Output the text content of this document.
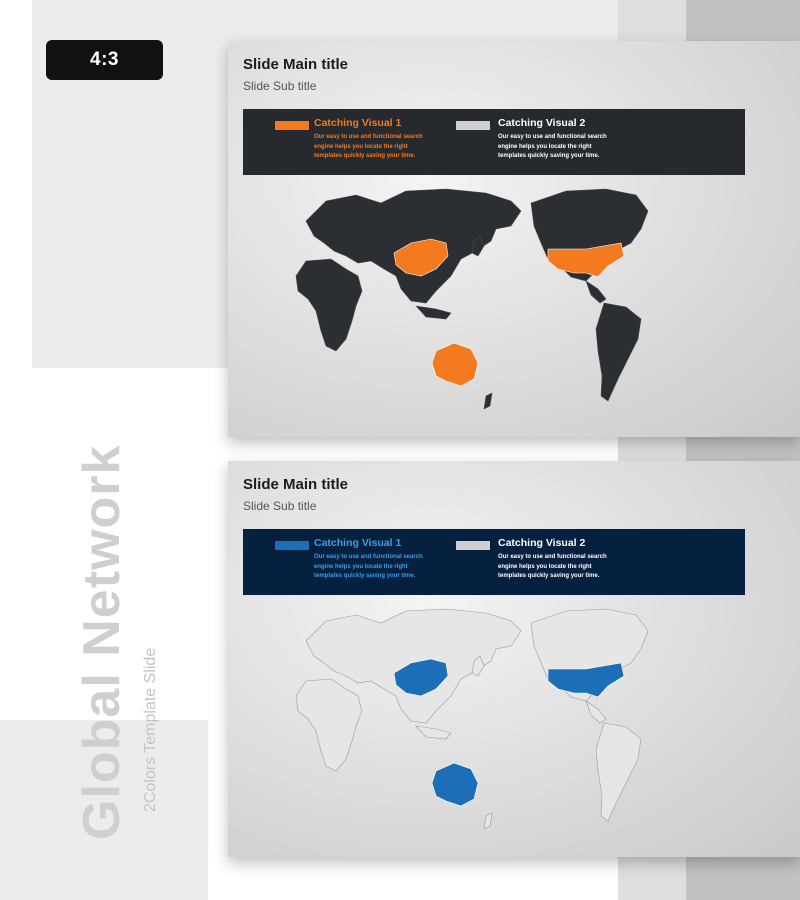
4:3
Global Network 2Colors Template Slide
Slide Main title
Slide Sub title
Catching Visual 1
Our easy to use and functional search engine helps you locate the right templates quickly saving your time.
Catching Visual 2
Our easy to use and functional search engine helps you locate the right templates quickly saving your time.
Slide Main title
Slide Sub title
Catching Visual 1
Our easy to use and functional search engine helps you locate the right templates quickly saving your time.
Catching Visual 2
Our easy to use and functional search engine helps you locate the right templates quickly saving your time.
